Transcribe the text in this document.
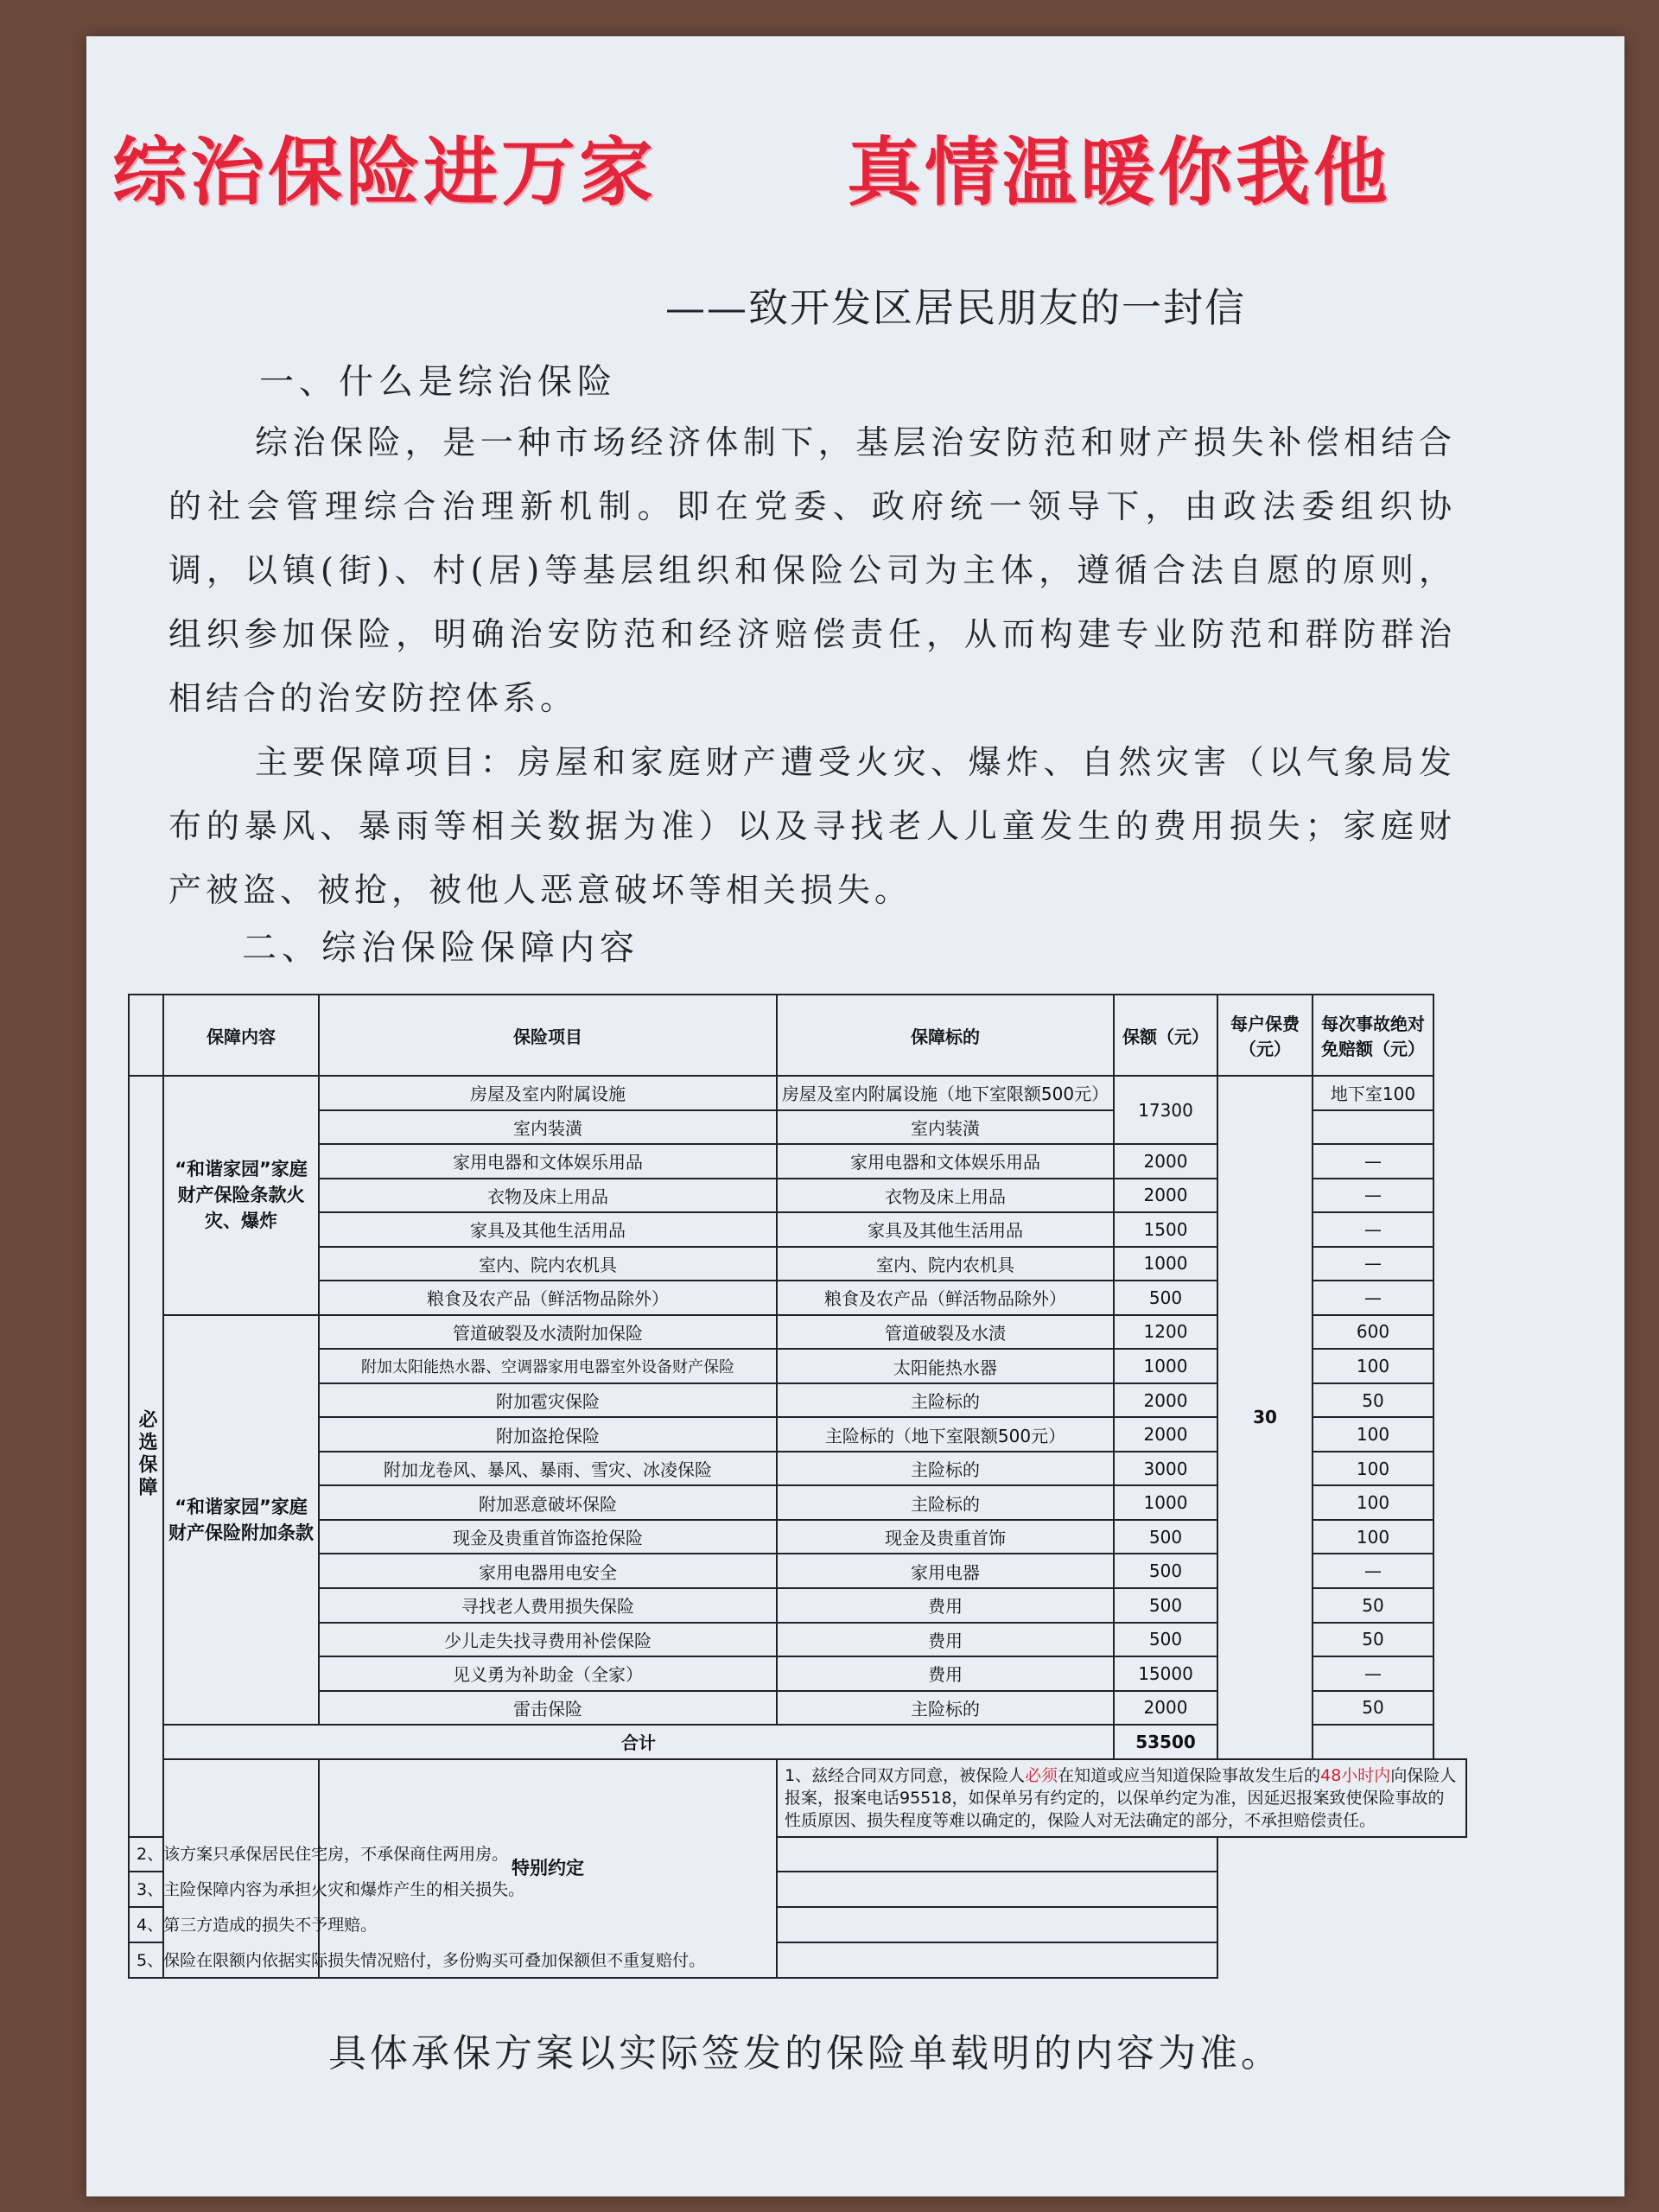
综治保险进万家	真情温暖你我他
——致开发区居民朋友的一封信
一、什么是综治保险
综治保险，是一种市场经济体制下，基层治安防范和财产损失补偿相结合的社会管理综合治理新机制。即在党委、政府统一领导下，由政法委组织协调，以镇(街)、村(居)等基层组织和保险公司为主体，遵循合法自愿的原则，组织参加保险，明确治安防范和经济赔偿责任，从而构建专业防范和群防群治相结合的治安防控体系。
主要保障项目：房屋和家庭财产遭受火灾、爆炸、自然灾害（以气象局发布的暴风、暴雨等相关数据为准）以及寻找老人儿童发生的费用损失；家庭财产被盗、被抢，被他人恶意破坏等相关损失。
二、综治保险保障内容
	保障内容	保险项目	保障标的	保额（元）	每户保费（元）	每次事故绝对免赔额（元）
必选保障	“和谐家园”家庭财产保险条款火灾、爆炸	房屋及室内附属设施	房屋及室内附属设施（地下室限额500元）	17300	30	地下室100
		室内装潢	室内装潢			
		家用电器和文体娱乐用品	家用电器和文体娱乐用品	2000		—
		衣物及床上用品	衣物及床上用品	2000		—
		家具及其他生活用品	家具及其他生活用品	1500		—
		室内、院内农机具	室内、院内农机具	1000		—
		粮食及农产品（鲜活物品除外）	粮食及农产品（鲜活物品除外）	500		—
	“和谐家园”家庭财产保险附加条款	管道破裂及水渍附加保险	管道破裂及水渍	1200		600
		附加太阳能热水器、空调器家用电器室外设备财产保险	太阳能热水器	1000		100
		附加雹灾保险	主险标的	2000		50
		附加盗抢保险	主险标的（地下室限额500元）	2000		100
		附加龙卷风、暴风、暴雨、雪灾、冰凌保险	主险标的	3000		100
		附加恶意破坏保险	主险标的	1000		100
		现金及贵重首饰盗抢保险	现金及贵重首饰	500		100
		家用电器用电安全	家用电器	500		—
		寻找老人费用损失保险	费用	500		50
		少儿走失找寻费用补偿保险	费用	500		50
		见义勇为补助金（全家）	费用	15000		—
		雷击保险	主险标的	2000		50
	合计			53500		
		特别约定	1、兹经合同双方同意，被保险人必须在知道或应当知道保险事故发生后的48小时内向保险人报案，报案电话95518，如保单另有约定的，以保单约定为准，因延迟报案致使保险事故的性质原因、损失程度等难以确定的，保险人对无法确定的部分，不承担赔偿责任。			
2、该方案只承保居民住宅房，不承保商住两用房。						
3、主险保障内容为承担火灾和爆炸产生的相关损失。						
4、第三方造成的损失不予理赔。						
5、保险在限额内依据实际损失情况赔付，多份购买可叠加保额但不重复赔付。						
具体承保方案以实际签发的保险单载明的内容为准。
